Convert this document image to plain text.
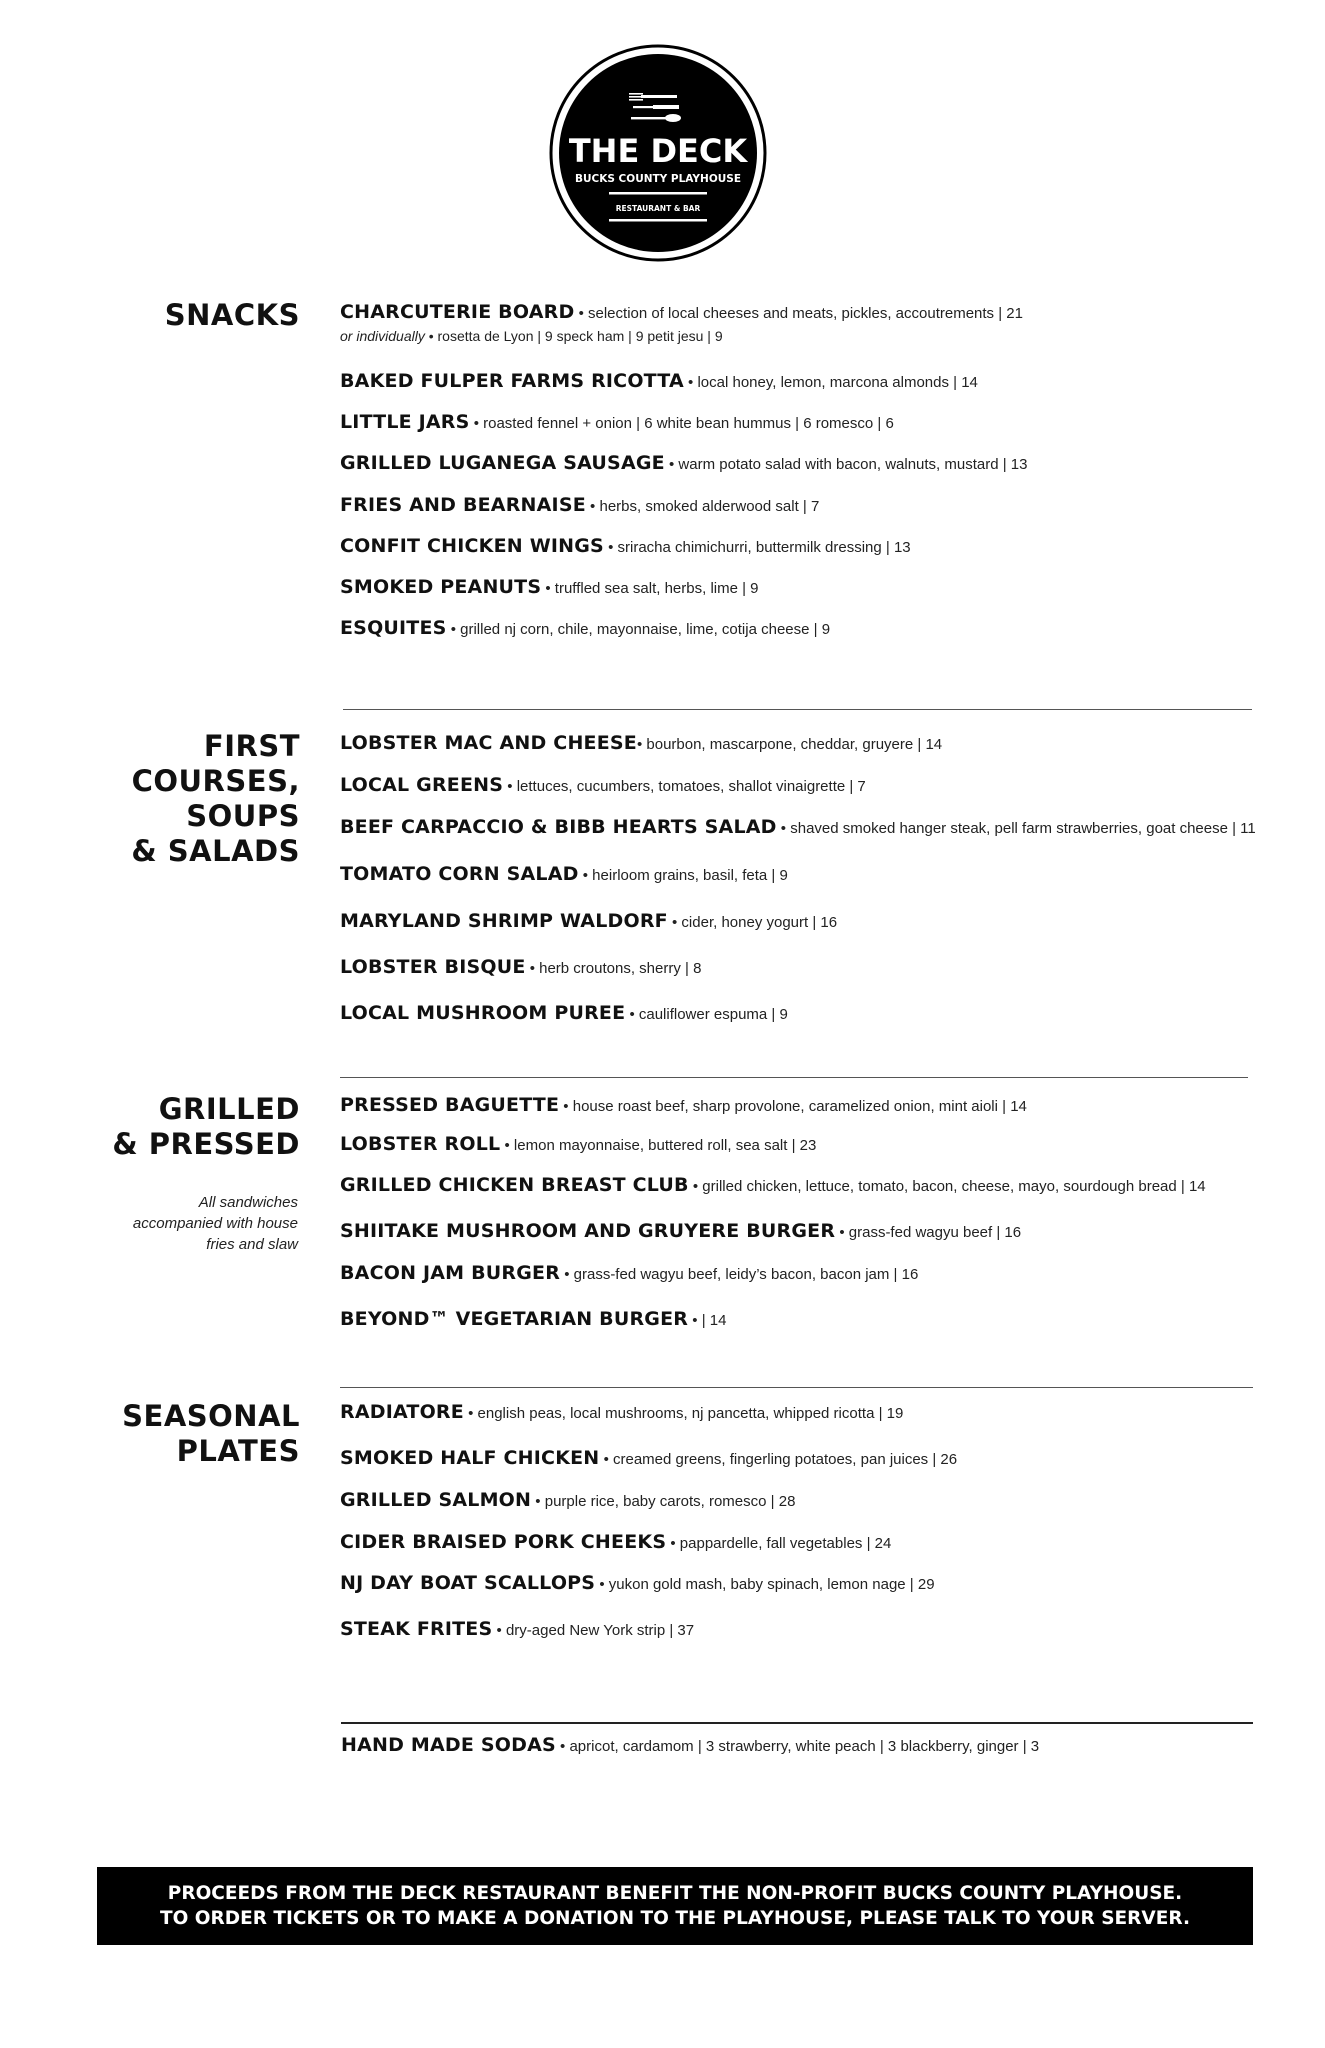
THE DECK
BUCKS COUNTY PLAYHOUSE
RESTAURANT & BAR
SNACKS CHARCUTERIE BOARD • selection of local cheeses and meats, pickles, accoutrements | 21
or individually • rosetta de Lyon | 9 speck ham | 9 petit jesu | 9
BAKED FULPER FARMS RICOTTA • local honey, lemon, marcona almonds | 14
LITTLE JARS • roasted fennel + onion | 6 white bean hummus | 6 romesco | 6
GRILLED LUGANEGA SAUSAGE • warm potato salad with bacon, walnuts, mustard | 13
FRIES AND BEARNAISE • herbs, smoked alderwood salt | 7
CONFIT CHICKEN WINGS • sriracha chimichurri, buttermilk dressing | 13
SMOKED PEANUTS • truffled sea salt, herbs, lime | 9
ESQUITES • grilled nj corn, chile, mayonnaise, lime, cotija cheese | 9
FIRST
COURSES,
SOUPS
& SALADS
LOBSTER MAC AND CHEESE• bourbon, mascarpone, cheddar, gruyere | 14
LOCAL GREENS • lettuces, cucumbers, tomatoes, shallot vinaigrette | 7
BEEF CARPACCIO & BIBB HEARTS SALAD • shaved smoked hanger steak, pell farm strawberries, goat cheese | 11
TOMATO CORN SALAD • heirloom grains, basil, feta | 9
MARYLAND SHRIMP WALDORF • cider, honey yogurt | 16
LOBSTER BISQUE • herb croutons, sherry | 8
LOCAL MUSHROOM PUREE • cauliflower espuma | 9
GRILLED
& PRESSED
All sandwiches accompanied with house fries and slaw
PRESSED BAGUETTE • house roast beef, sharp provolone, caramelized onion, mint aioli | 14
LOBSTER ROLL • lemon mayonnaise, buttered roll, sea salt | 23
GRILLED CHICKEN BREAST CLUB • grilled chicken, lettuce, tomato, bacon, cheese, mayo, sourdough bread | 14
SHIITAKE MUSHROOM AND GRUYERE BURGER • grass-fed wagyu beef | 16
BACON JAM BURGER • grass-fed wagyu beef, leidy’s bacon, bacon jam | 16
BEYOND™ VEGETARIAN BURGER • | 14
SEASONAL
PLATES
RADIATORE • english peas, local mushrooms, nj pancetta, whipped ricotta | 19
SMOKED HALF CHICKEN • creamed greens, fingerling potatoes, pan juices | 26
GRILLED SALMON • purple rice, baby carots, romesco | 28
CIDER BRAISED PORK CHEEKS • pappardelle, fall vegetables | 24
NJ DAY BOAT SCALLOPS • yukon gold mash, baby spinach, lemon nage | 29
STEAK FRITES • dry-aged New York strip | 37
HAND MADE SODAS • apricot, cardamom | 3 strawberry, white peach | 3 blackberry, ginger | 3
PROCEEDS FROM THE DECK RESTAURANT BENEFIT THE NON-PROFIT BUCKS COUNTY PLAYHOUSE.
TO ORDER TICKETS OR TO MAKE A DONATION TO THE PLAYHOUSE, PLEASE TALK TO YOUR SERVER.
